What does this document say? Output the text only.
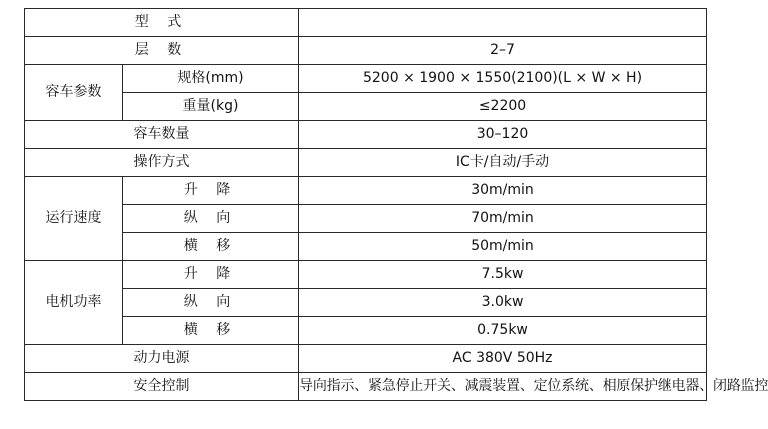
型 式		
层 数		2–7
容车参数	规格(mm)	5200 × 1900 × 1550(2100)(L × W × H)
	重量(kg)	≤2200
容车数量		30–120
操作方式		IC卡/自动/手动
运行速度	升 降	30m/min
	纵 向	70m/min
	横 移	50m/min
电机功率	升 降	7.5kw
	纵 向	3.0kw
	横 移	0.75kw
动力电源		AC 380V 50Hz
安全控制		导向指示、紧急停止开关、减震装置、定位系统、相原保护继电器、闭路监控
